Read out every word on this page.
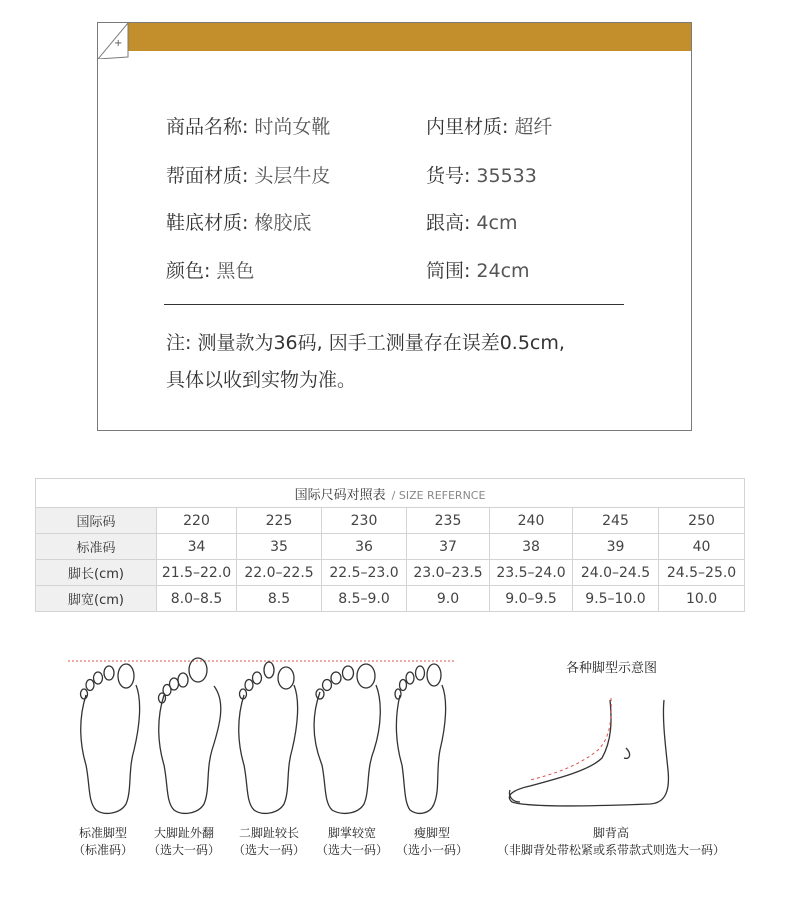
+
商品名称: 时尚女靴	内里材质: 超纤
帮面材质: 头层牛皮	货号: 35533
鞋底材质: 橡胶底	跟高: 4cm
颜色: 黑色	筒围: 24cm
注: 测量款为36码, 因手工测量存在误差0.5cm,
具体以收到实物为准。
国际尺码对照表 / SIZE REFERNCE							
国际码	220	225	230	235	240	245	250
标准码	34	35	36	37	38	39	40
脚长(cm)	21.5–22.0	22.0–22.5	22.5–23.0	23.0–23.5	23.5–24.0	24.0–24.5	24.5–25.0
脚宽(cm)	8.0–8.5	8.5	8.5–9.0	9.0	9.0–9.5	9.5–10.0	10.0
各种脚型示意图
标准脚型
（标准码）
大脚趾外翻
（选大一码）
二脚趾较长
（选大一码）
脚掌较宽
（选大一码）
瘦脚型
（选小一码）
脚背高
（非脚背处带松紧或系带款式则选大一码）
